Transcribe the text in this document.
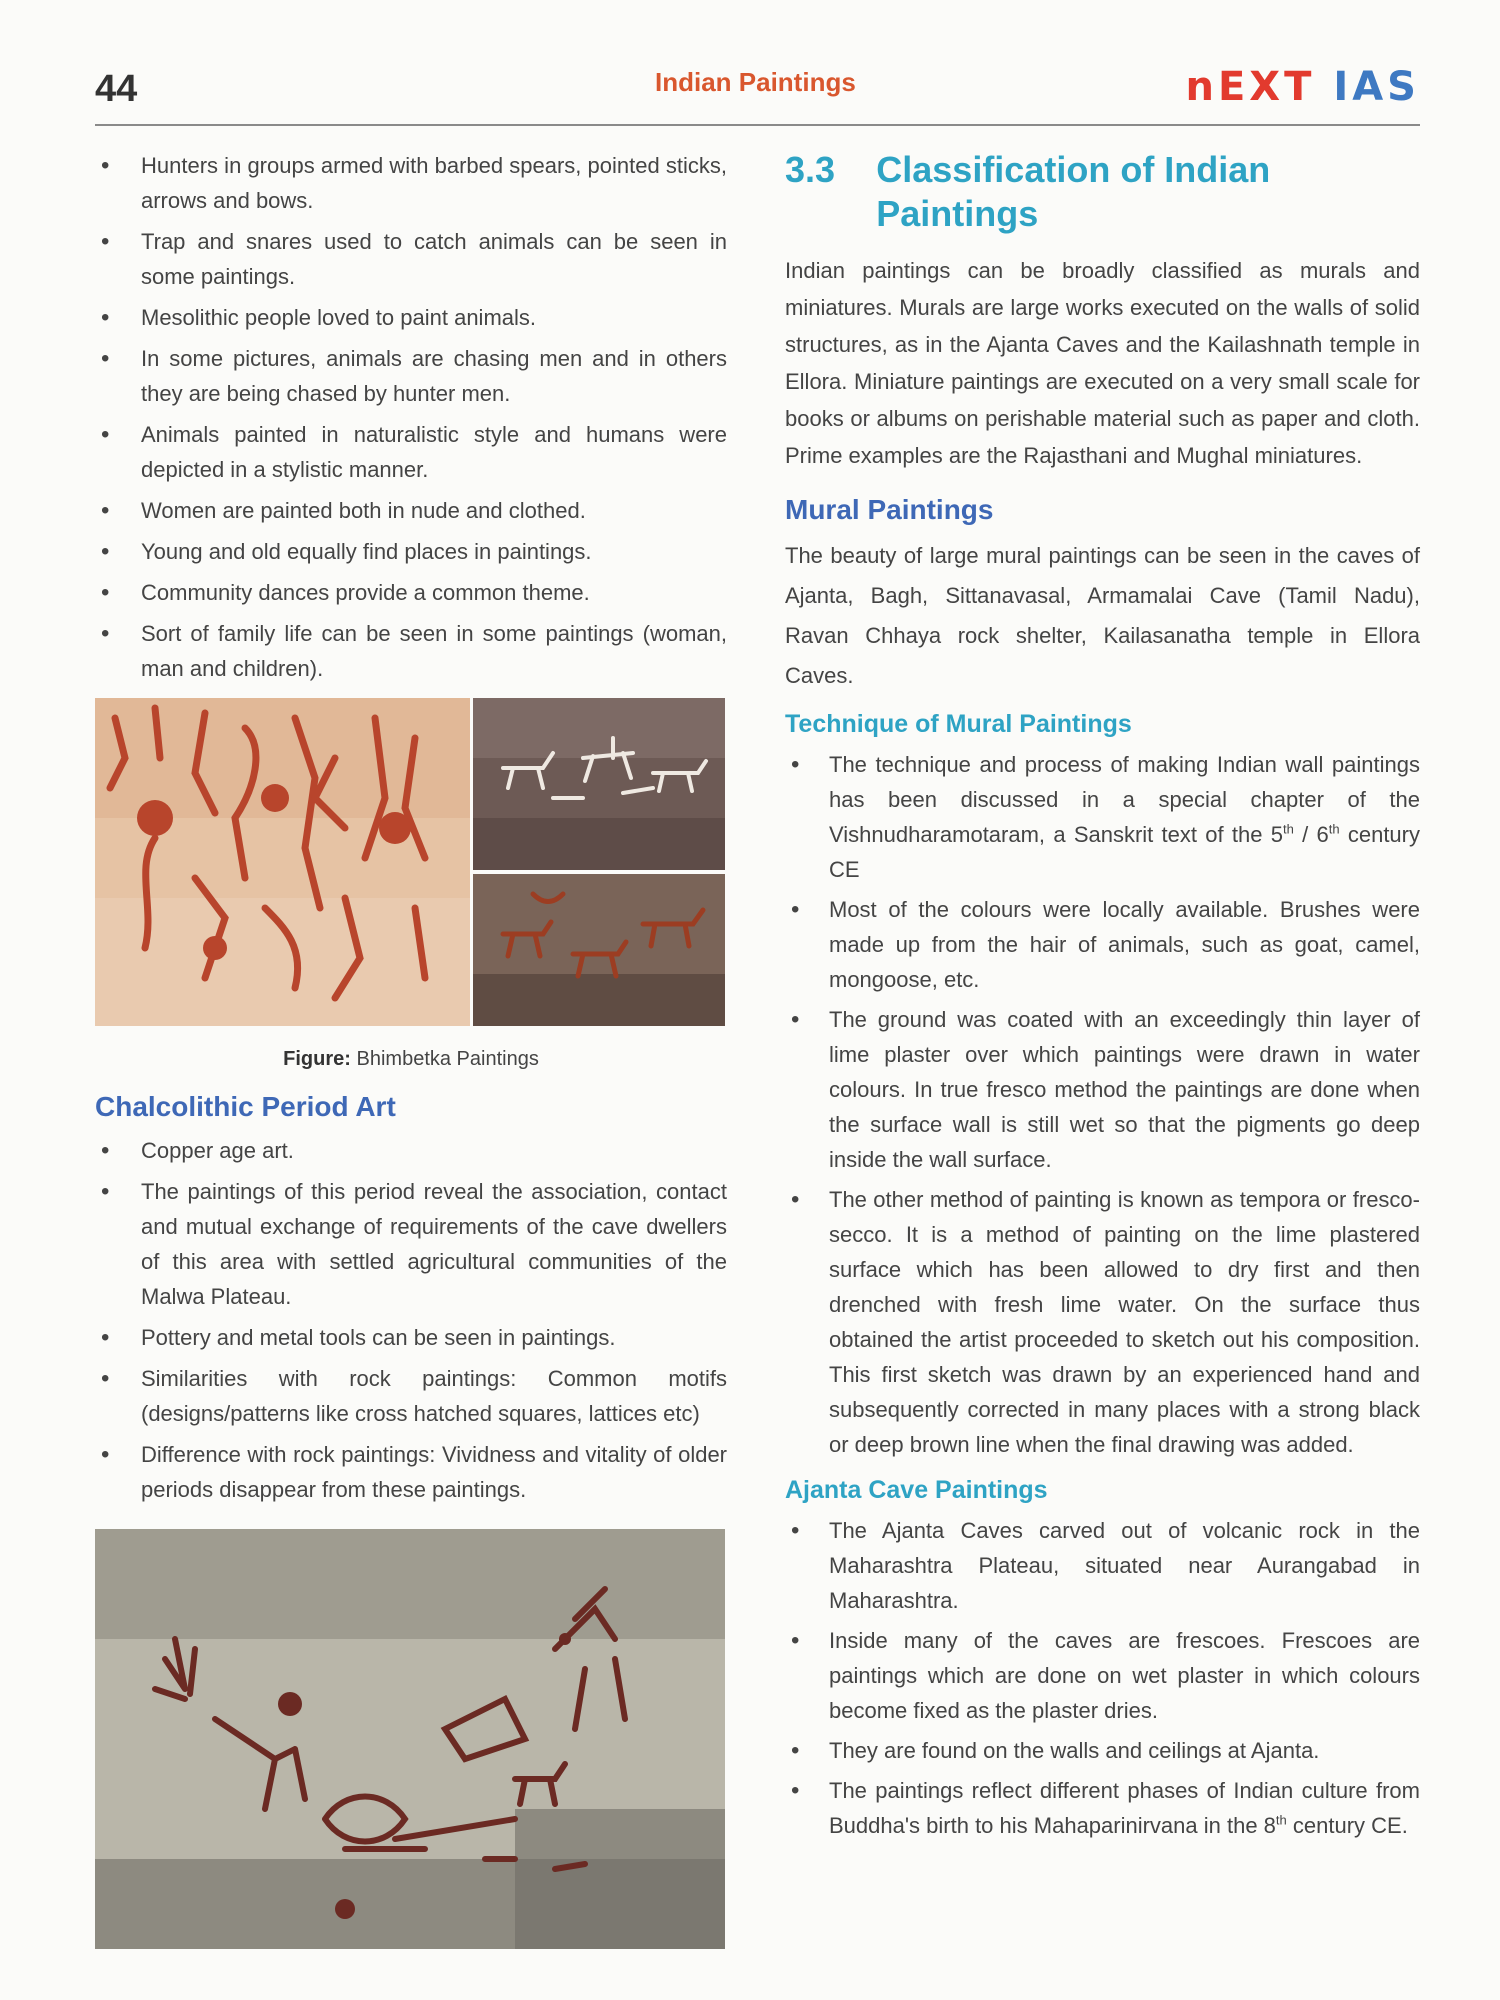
44	Indian Paintings	nEXT IAS
• Hunters in groups armed with barbed spears, pointed sticks, arrows and bows.
• Trap and snares used to catch animals can be seen in some paintings.
• Mesolithic people loved to paint animals.
• In some pictures, animals are chasing men and in others they are being chased by hunter men.
• Animals painted in naturalistic style and humans were depicted in a stylistic manner.
• Women are painted both in nude and clothed.
• Young and old equally find places in paintings.
• Community dances provide a common theme.
• Sort of family life can be seen in some paintings (woman, man and children).
Figure: Bhimbetka Paintings
Chalcolithic Period Art
• Copper age art.
• The paintings of this period reveal the association, contact and mutual exchange of requirements of the cave dwellers of this area with settled agricultural communities of the Malwa Plateau.
• Pottery and metal tools can be seen in paintings.
• Similarities with rock paintings: Common motifs (designs/patterns like cross hatched squares, lattices etc)
• Difference with rock paintings: Vividness and vitality of older periods disappear from these paintings.
3.3	Classification of Indian Paintings

Indian paintings can be broadly classified as murals and miniatures. Murals are large works executed on the walls of solid structures, as in the Ajanta Caves and the Kailashnath temple in Ellora. Miniature paintings are executed on a very small scale for books or albums on perishable material such as paper and cloth. Prime examples are the Rajasthani and Mughal miniatures.

Mural Paintings

The beauty of large mural paintings can be seen in the caves of Ajanta, Bagh, Sittanavasal, Armamalai Cave (Tamil Nadu), Ravan Chhaya rock shelter, Kailasanatha temple in Ellora Caves.

Technique of Mural Paintings
• The technique and process of making Indian wall paintings has been discussed in a special chapter of the Vishnudharamotaram, a Sanskrit text of the 5th / 6th century CE
• Most of the colours were locally available. Brushes were made up from the hair of animals, such as goat, camel, mongoose, etc.
• The ground was coated with an exceedingly thin layer of lime plaster over which paintings were drawn in water colours. In true fresco method the paintings are done when the surface wall is still wet so that the pigments go deep inside the wall surface.
• The other method of painting is known as tempora or fresco-secco. It is a method of painting on the lime plastered surface which has been allowed to dry first and then drenched with fresh lime water. On the surface thus obtained the artist proceeded to sketch out his composition. This first sketch was drawn by an experienced hand and subsequently corrected in many places with a strong black or deep brown line when the final drawing was added.
Ajanta Cave Paintings
• The Ajanta Caves carved out of volcanic rock in the Maharashtra Plateau, situated near Aurangabad in Maharashtra.
• Inside many of the caves are frescoes. Frescoes are paintings which are done on wet plaster in which colours become fixed as the plaster dries.
• They are found on the walls and ceilings at Ajanta.
• The paintings reflect different phases of Indian culture from Buddha's birth to his Mahaparinirvana in the 8th century CE.
